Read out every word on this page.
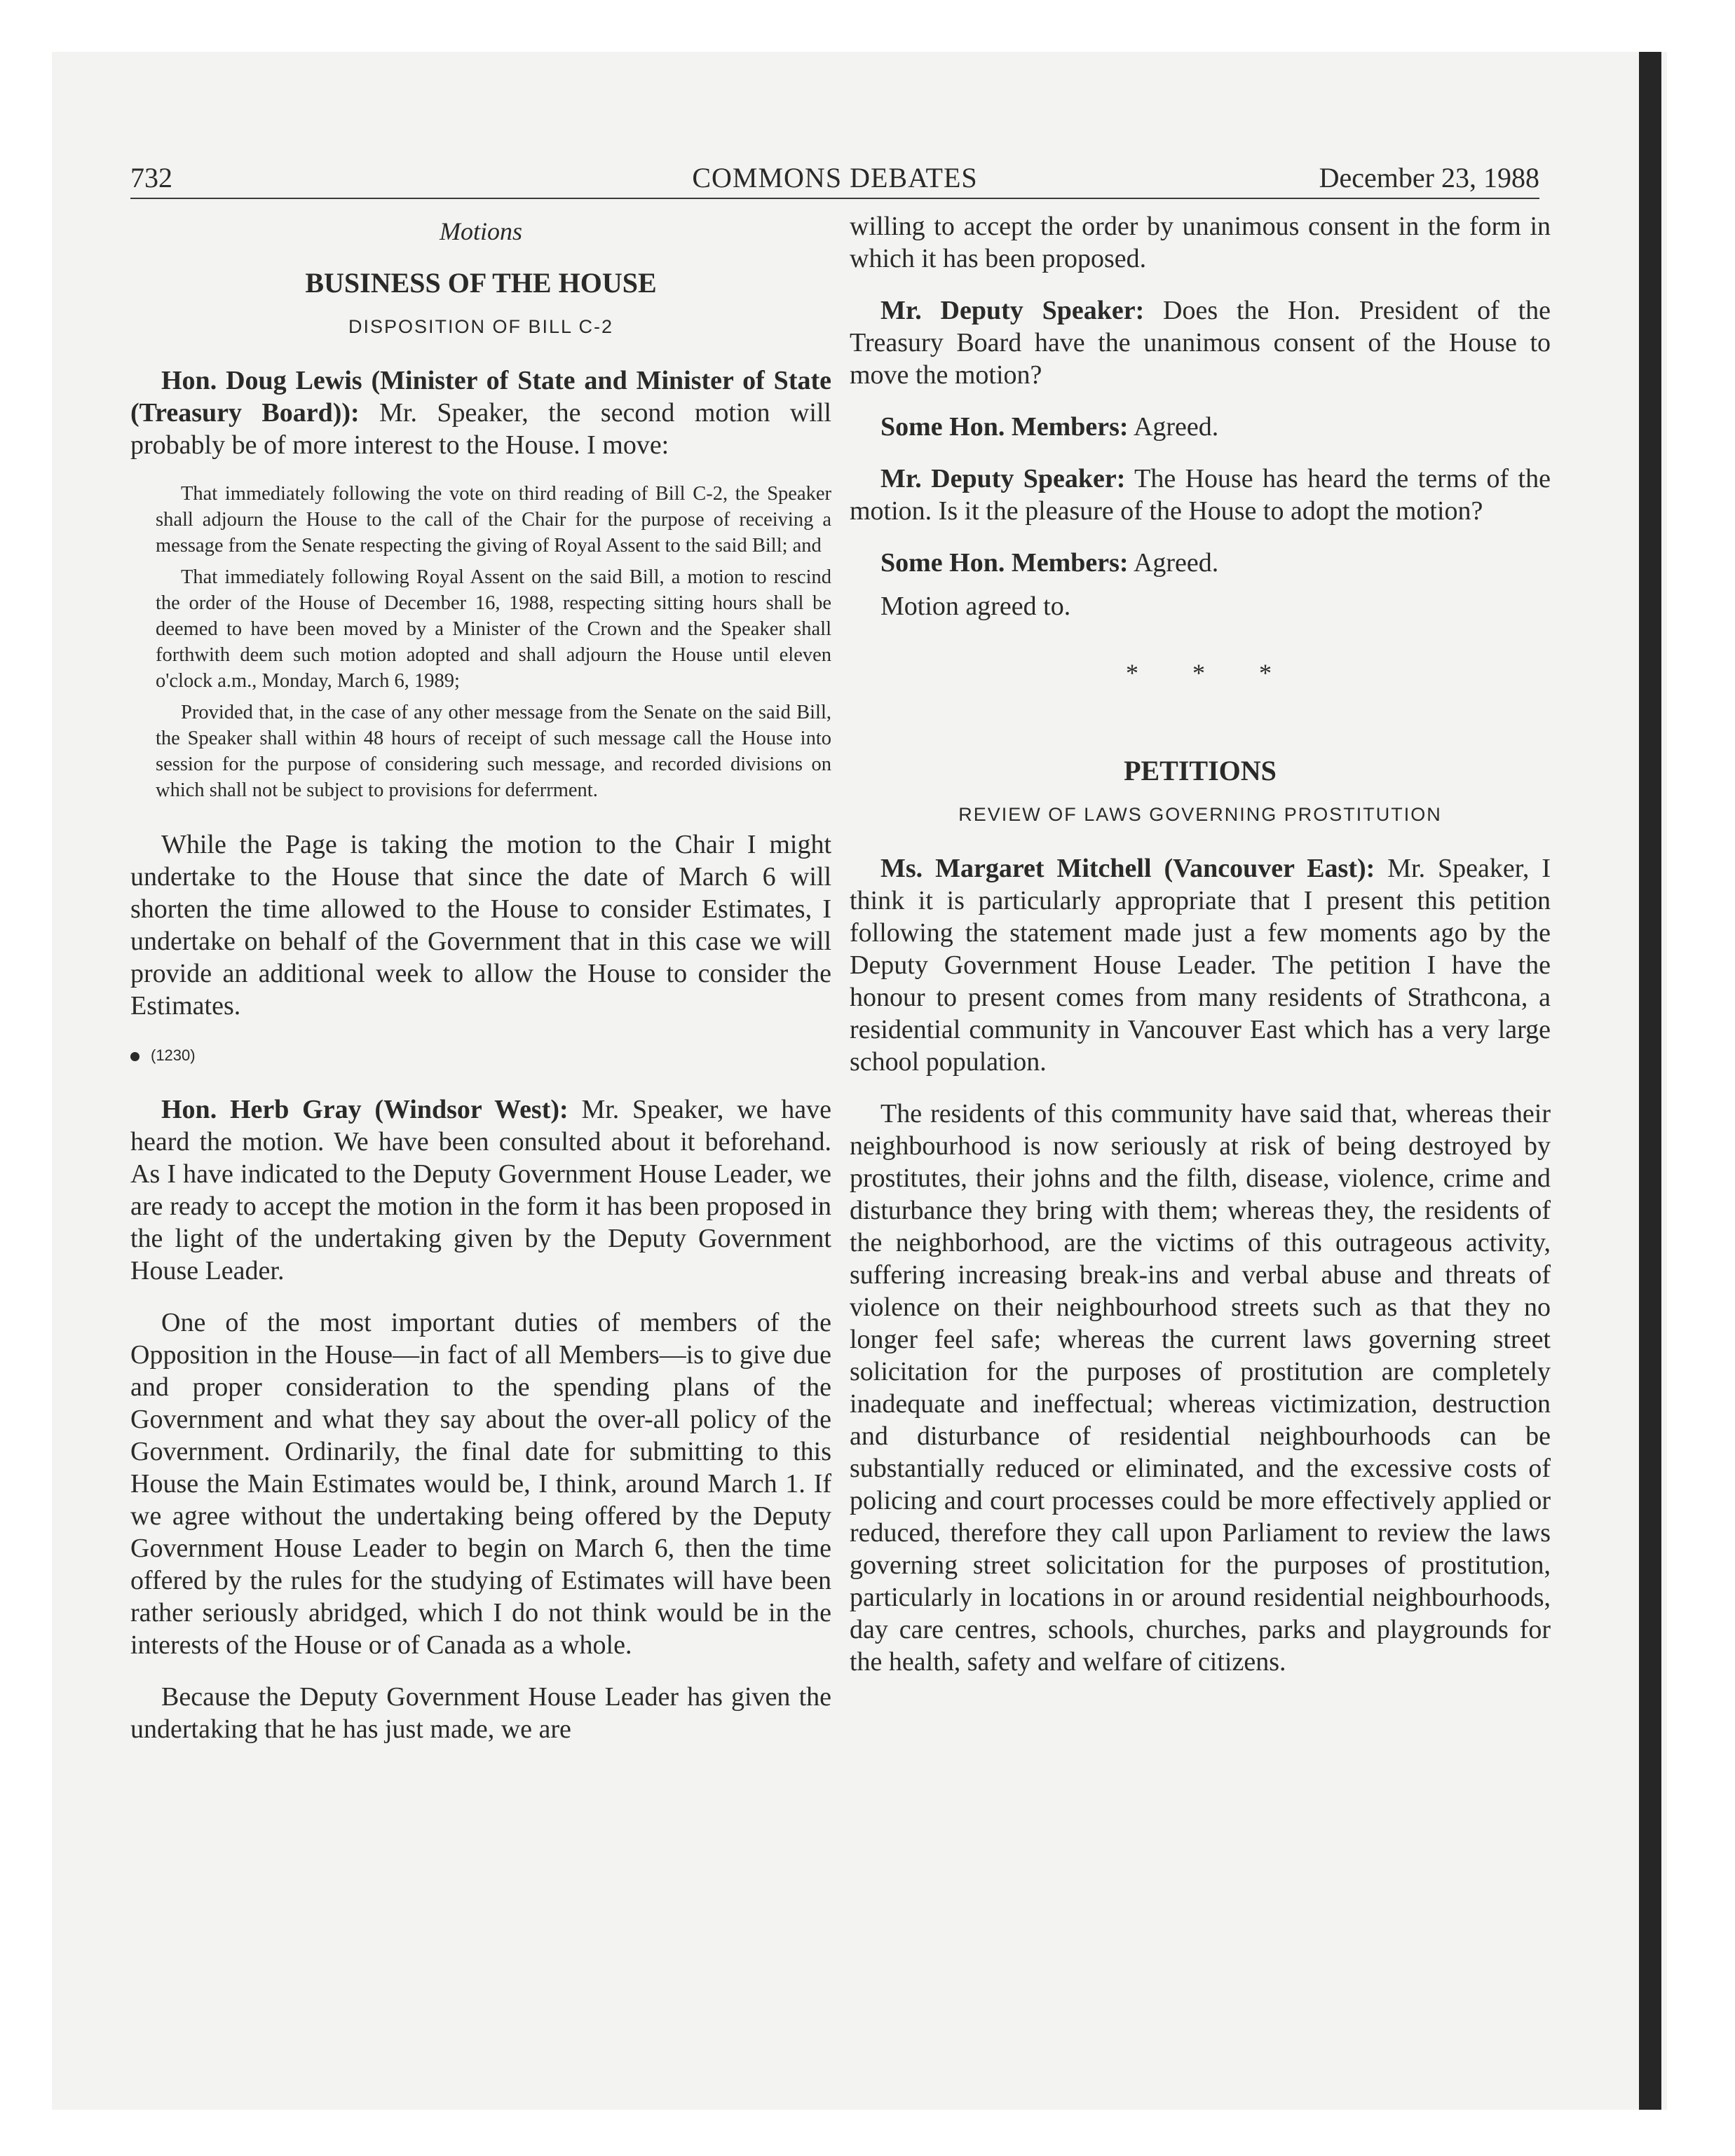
732	COMMONS DEBATES	December 23, 1988
Motions
BUSINESS OF THE HOUSE
DISPOSITION OF BILL C-2

Hon. Doug Lewis (Minister of State and Minister of State (Treasury Board)): Mr. Speaker, the second motion will probably be of more interest to the House. I move:

That immediately following the vote on third reading of Bill C-2, the Speaker shall adjourn the House to the call of the Chair for the purpose of receiving a message from the Senate respecting the giving of Royal Assent to the said Bill; and

That immediately following Royal Assent on the said Bill, a motion to rescind the order of the House of December 16, 1988, respecting sitting hours shall be deemed to have been moved by a Minister of the Crown and the Speaker shall forthwith deem such motion adopted and shall adjourn the House until eleven o'clock a.m., Monday, March 6, 1989;

Provided that, in the case of any other message from the Senate on the said Bill, the Speaker shall within 48 hours of receipt of such message call the House into session for the purpose of considering such message, and recorded divisions on which shall not be subject to provisions for deferrment.

While the Page is taking the motion to the Chair I might undertake to the House that since the date of March 6 will shorten the time allowed to the House to consider Estimates, I undertake on behalf of the Government that in this case we will provide an additional week to allow the House to consider the Estimates.

(1230)

Hon. Herb Gray (Windsor West): Mr. Speaker, we have heard the motion. We have been consulted about it beforehand. As I have indicated to the Deputy Government House Leader, we are ready to accept the motion in the form it has been proposed in the light of the undertaking given by the Deputy Government House Leader.

One of the most important duties of members of the Opposition in the House—in fact of all Members—is to give due and proper consideration to the spending plans of the Government and what they say about the over-all policy of the Government. Ordinarily, the final date for submitting to this House the Main Estimates would be, I think, around March 1. If we agree without the undertaking being offered by the Deputy Government House Leader to begin on March 6, then the time offered by the rules for the studying of Estimates will have been rather seriously abridged, which I do not think would be in the interests of the House or of Canada as a whole.

Because the Deputy Government House Leader has given the undertaking that he has just made, we are

willing to accept the order by unanimous consent in the form in which it has been proposed.

Mr. Deputy Speaker: Does the Hon. President of the Treasury Board have the unanimous consent of the House to move the motion?

Some Hon. Members: Agreed.

Mr. Deputy Speaker: The House has heard the terms of the motion. Is it the pleasure of the House to adopt the motion?

Some Hon. Members: Agreed.

Motion agreed to.

* * *
PETITIONS
REVIEW OF LAWS GOVERNING PROSTITUTION

Ms. Margaret Mitchell (Vancouver East): Mr. Speaker, I think it is particularly appropriate that I present this petition following the statement made just a few moments ago by the Deputy Government House Leader. The petition I have the honour to present comes from many residents of Strathcona, a residential community in Vancouver East which has a very large school population.

The residents of this community have said that, whereas their neighbourhood is now seriously at risk of being destroyed by prostitutes, their johns and the filth, disease, violence, crime and disturbance they bring with them; whereas they, the residents of the neighborhood, are the victims of this outrageous activity, suffering increasing break-ins and verbal abuse and threats of violence on their neighbourhood streets such as that they no longer feel safe; whereas the current laws governing street solicitation for the purposes of prostitution are completely inadequate and ineffectual; whereas victimization, destruction and disturbance of residential neighbourhoods can be substantially reduced or eliminated, and the excessive costs of policing and court processes could be more effectively applied or reduced, therefore they call upon Parliament to review the laws governing street solicitation for the purposes of prostitution, particularly in locations in or around residential neighbourhoods, day care centres, schools, churches, parks and playgrounds for the health, safety and welfare of citizens.
